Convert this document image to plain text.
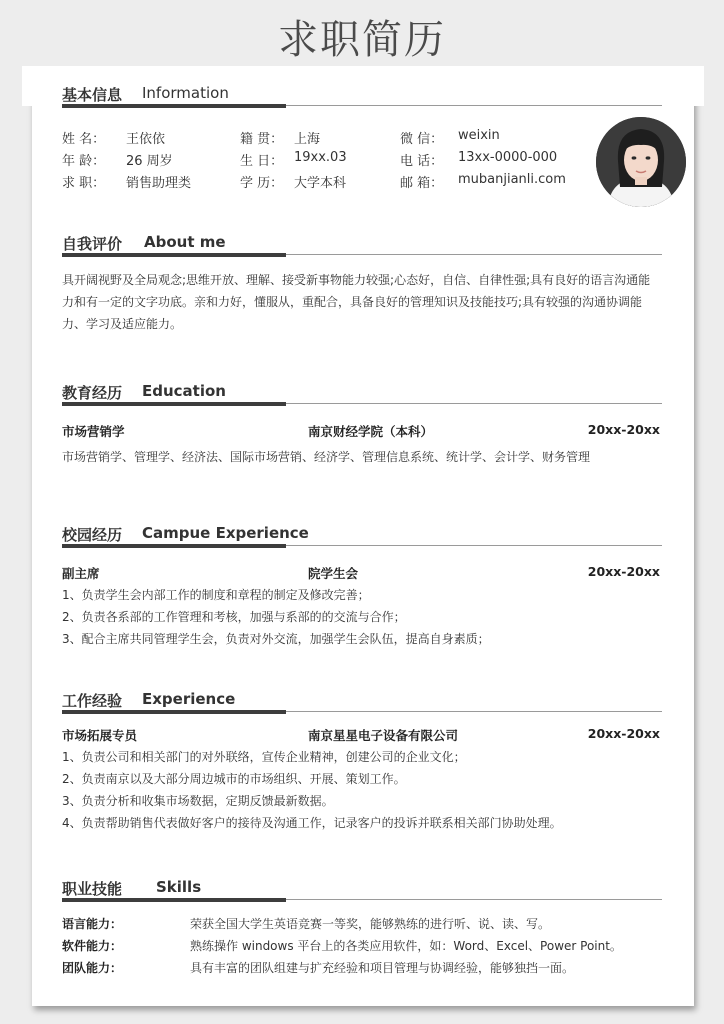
求职简历
基本信息 Information
姓 名： 王依依	籍 贯： 上海	微 信： weixin
年 龄： 26 周岁	生 日： 19xx.03	电 话： 13xx-0000-000
求 职： 销售助理类	学 历： 大学本科	邮 箱： mubanjianli.com
自我评价 About me
具开阔视野及全局观念;思维开放、理解、接受新事物能力较强;心态好，自信、自律性强;具有良好的语言沟通能力和有一定的文字功底。亲和力好，懂服从，重配合，具备良好的管理知识及技能技巧;具有较强的沟通协调能力、学习及适应能力。
教育经历 Education
市场营销学	南京财经学院（本科）	20xx-20xx
市场营销学、管理学、经济法、国际市场营销、经济学、管理信息系统、统计学、会计学、财务管理
校园经历 Campue Experience
副主席	院学生会	20xx-20xx
1、负责学生会内部工作的制度和章程的制定及修改完善；
2、负责各系部的工作管理和考核，加强与系部的的交流与合作；
3、配合主席共同管理学生会，负责对外交流，加强学生会队伍，提高自身素质；
工作经验 Experience
市场拓展专员	南京星星电子设备有限公司	20xx-20xx
1、负责公司和相关部门的对外联络，宣传企业精神，创建公司的企业文化；
2、负责南京以及大部分周边城市的市场组织、开展、策划工作。
3、负责分析和收集市场数据，定期反馈最新数据。
4、负责帮助销售代表做好客户的接待及沟通工作，记录客户的投诉并联系相关部门协助处理。
职业技能 Skills
语言能力：	荣获全国大学生英语竞赛一等奖，能够熟练的进行听、说、读、写。
软件能力：	熟练操作 windows 平台上的各类应用软件，如：Word、Excel、Power Point。
团队能力：	具有丰富的团队组建与扩充经验和项目管理与协调经验，能够独挡一面。
